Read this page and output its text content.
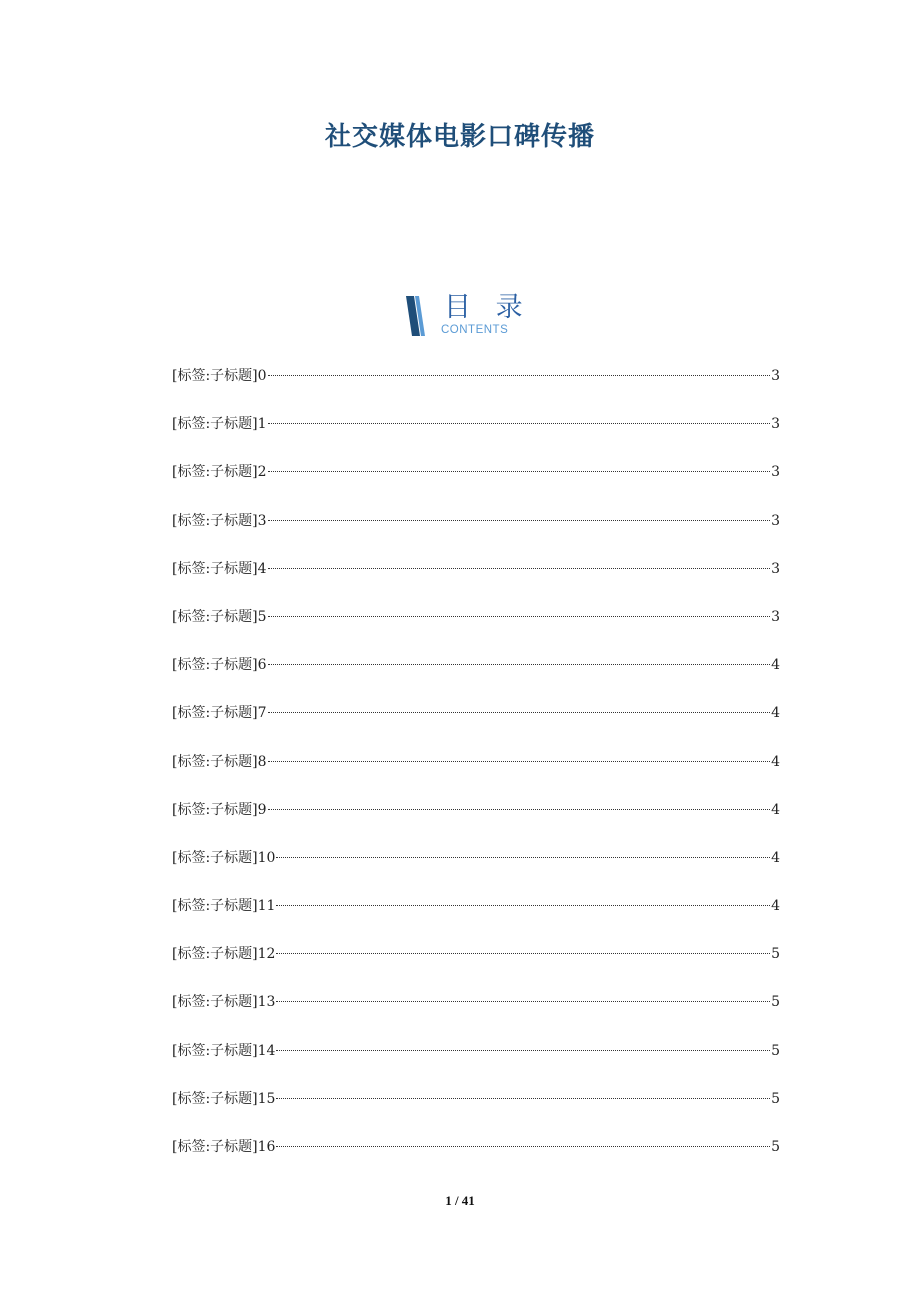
社交媒体电影口碑传播
目 录
CONTENTS
[标签:子标题]0	3
[标签:子标题]1	3
[标签:子标题]2	3
[标签:子标题]3	3
[标签:子标题]4	3
[标签:子标题]5	3
[标签:子标题]6	4
[标签:子标题]7	4
[标签:子标题]8	4
[标签:子标题]9	4
[标签:子标题]10	4
[标签:子标题]11	4
[标签:子标题]12	5
[标签:子标题]13	5
[标签:子标题]14	5
[标签:子标题]15	5
[标签:子标题]16	5
1 / 41
